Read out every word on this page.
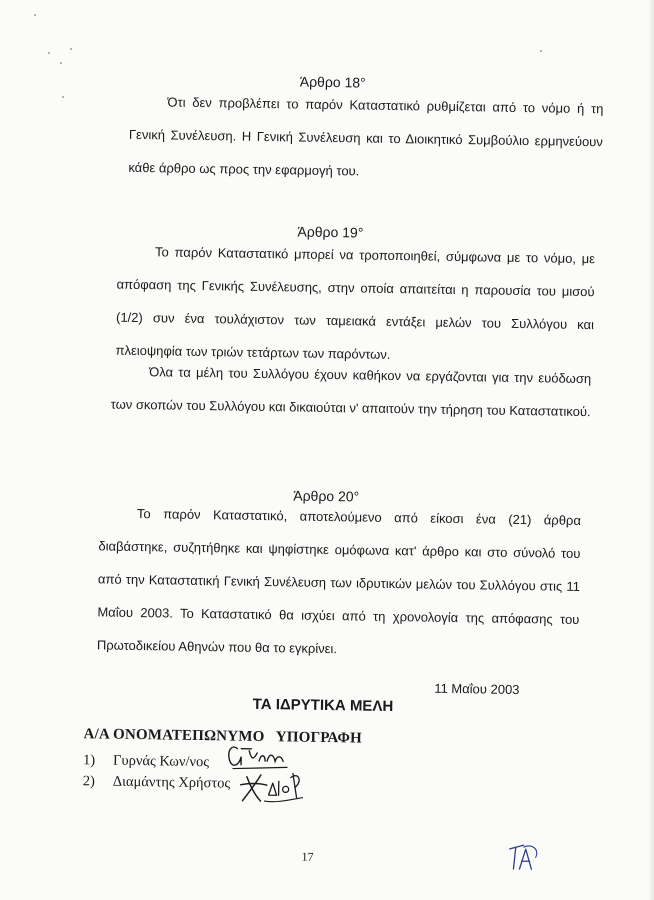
Άρθρο 18°
Ότι δεν προβλέπει το παρόν Καταστατικό ρυθμίζεται από το νόμο ή τη Γενική Συνέλευση. Η Γενική Συνέλευση και το Διοικητικό Συμβούλιο ερμηνεύουν κάθε άρθρο ως προς την εφαρμογή του.
Άρθρο 19°
Το παρόν Καταστατικό μπορεί να τροποποιηθεί, σύμφωνα με το νόμο, με απόφαση της Γενικής Συνέλευσης, στην οποία απαιτείται η παρουσία του μισού (1/2) συν ένα τουλάχιστον των ταμειακά εντάξει μελών του Συλλόγου και πλειοψηφία των τριών τετάρτων των παρόντων.
Όλα τα μέλη του Συλλόγου έχουν καθήκον να εργάζονται για την ευόδωση των σκοπών του Συλλόγου και δικαιούται ν' απαιτούν την τήρηση του Καταστατικού.
Άρθρο 20°
Το παρόν Καταστατικό, αποτελούμενο από είκοσι ένα (21) άρθρα διαβάστηκε, συζητήθηκε και ψηφίστηκε ομόφωνα κατ' άρθρο και στο σύνολό του από την Καταστατική Γενική Συνέλευση των ιδρυτικών μελών του Συλλόγου στις 11 Μαΐου 2003. Το Καταστατικό θα ισχύει από τη χρονολογία της απόφασης του Πρωτοδικείου Αθηνών που θα το εγκρίνει.
11 Μαΐου 2003
ΤΑ ΙΔΡΥΤΙΚΑ ΜΕΛΗ
Α/Α ΟΝΟΜΑΤΕΠΩΝΥΜΟ   ΥΠΟΓΡΑΦΗ
1) Γυρνάς Κων/νος
2) Διαμάντης Χρήστος
17
